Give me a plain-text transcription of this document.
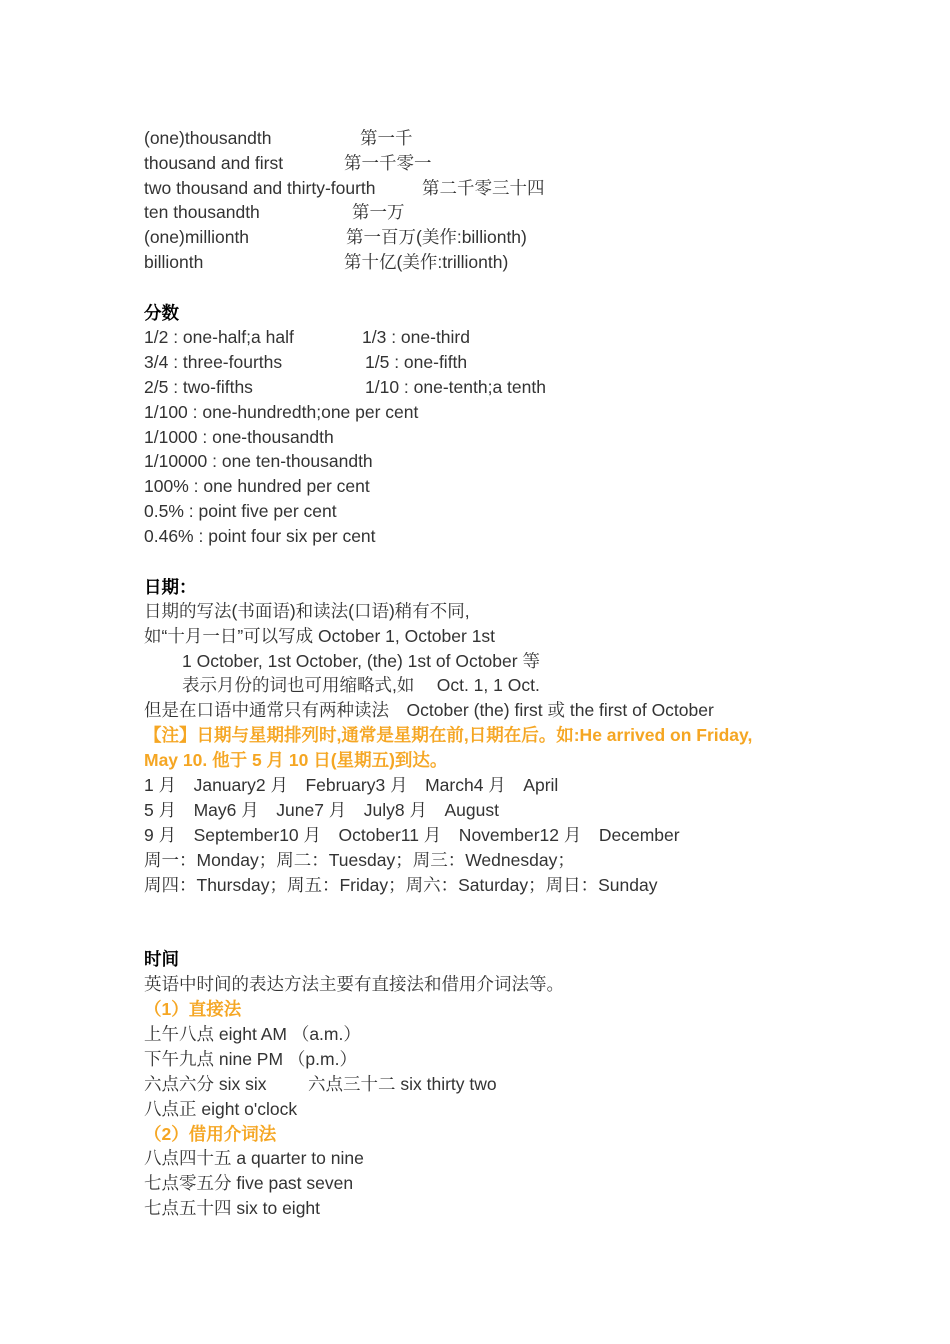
(one)thousandth	第一千
thousand and first	第一千零一
two thousand and thirty-fourth	第二千零三十四
ten thousandth	第一万
(one)millionth	第一百万(美作:billionth)
billionth	第十亿(美作:trillionth)
分数
1/2 : one-half;a half	1/3 : one-third
3/4 : three-fourths	1/5 : one-fifth
2/5 : two-fifths	1/10 : one-tenth;a tenth
1/100 : one-hundredth;one per cent
1/1000 : one-thousandth
1/10000 : one ten-thousandth
100% : one hundred per cent
0.5% : point five per cent
0.46% : point four six per cent
日期：
日期的写法(书面语)和读法(口语)稍有不同,
如“十月一日”可以写成 October 1, October 1st
1 October, 1st October, (the) 1st of October 等
表示月份的词也可用缩略式,如　 Oct. 1, 1 Oct.
但是在口语中通常只有两种读法　October (the) first 或 the first of October
【注】日期与星期排列时,通常是星期在前,日期在后。如:He arrived on Friday,
May 10. 他于 5 月 10 日(星期五)到达。
1 月　January2 月　February3 月　March4 月　April
5 月　May6 月　June7 月　July8 月　August
9 月　September10 月　October11 月　November12 月　December
周一：Monday；周二：Tuesday；周三：Wednesday；
周四：Thursday；周五：Friday；周六：Saturday；周日：Sunday
时间
英语中时间的表达方法主要有直接法和借用介词法等。
（1）直接法
上午八点 eight AM （a.m.）
下午九点 nine PM （p.m.）
六点六分 six six 六点三十二 six thirty two
八点正 eight o'clock
（2）借用介词法
八点四十五 a quarter to nine
七点零五分 five past seven
七点五十四 six to eight
